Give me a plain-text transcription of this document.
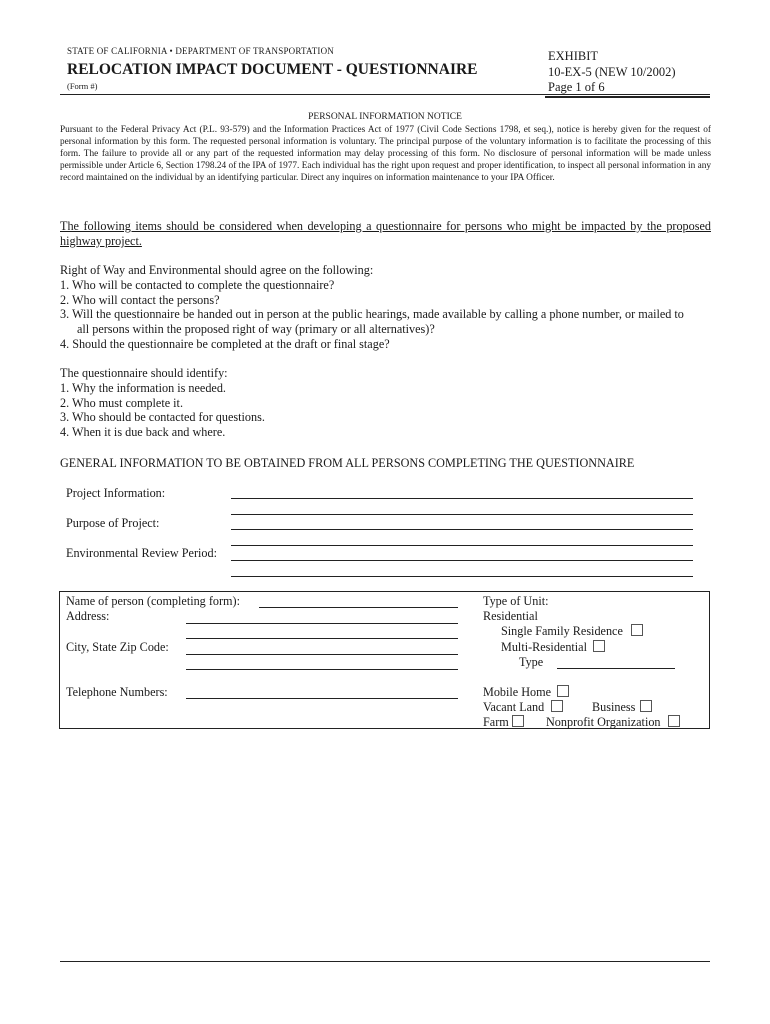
STATE OF CALIFORNIA • DEPARTMENT OF TRANSPORTATION
RELOCATION IMPACT DOCUMENT - QUESTIONNAIRE
(Form #)
EXHIBIT
10-EX-5 (NEW 10/2002)
Page 1 of 6
PERSONAL INFORMATION NOTICE
Pursuant to the Federal Privacy Act (P.L. 93-579) and the Information Practices Act of 1977 (Civil Code Sections 1798, et seq.), notice is hereby given for the request of personal information by this form. The requested personal information is voluntary. The principal purpose of the voluntary information is to facilitate the processing of this form. The failure to provide all or any part of the requested information may delay processing of this form. No disclosure of personal information will be made unless permissible under Article 6, Section 1798.24 of the IPA of 1977. Each individual has the right upon request and proper identification, to inspect all personal information in any record maintained on the individual by an identifying particular. Direct any inquires on information maintenance to your IPA Officer.
The following items should be considered when developing a questionnaire for persons who might be impacted by the proposed highway project.
Right of Way and Environmental should agree on the following:
1. Who will be contacted to complete the questionnaire?
2. Who will contact the persons?
3. Will the questionnaire be handed out in person at the public hearings, made available by calling a phone number, or mailed to
all persons within the proposed right of way (primary or all alternatives)?
4. Should the questionnaire be completed at the draft or final stage?
The questionnaire should identify:
1. Why the information is needed.
2. Who must complete it.
3. Who should be contacted for questions.
4. When it is due back and where.
GENERAL INFORMATION TO BE OBTAINED FROM ALL PERSONS COMPLETING THE QUESTIONNAIRE
Project Information:
Purpose of Project:
Environmental Review Period:
Name of person (completing form):
Address:
City, State Zip Code:
Telephone Numbers:
Type of Unit:
Residential
Single Family Residence
Multi-Residential
Type
Mobile Home
Vacant Land	Business
Farm	Nonprofit Organization
